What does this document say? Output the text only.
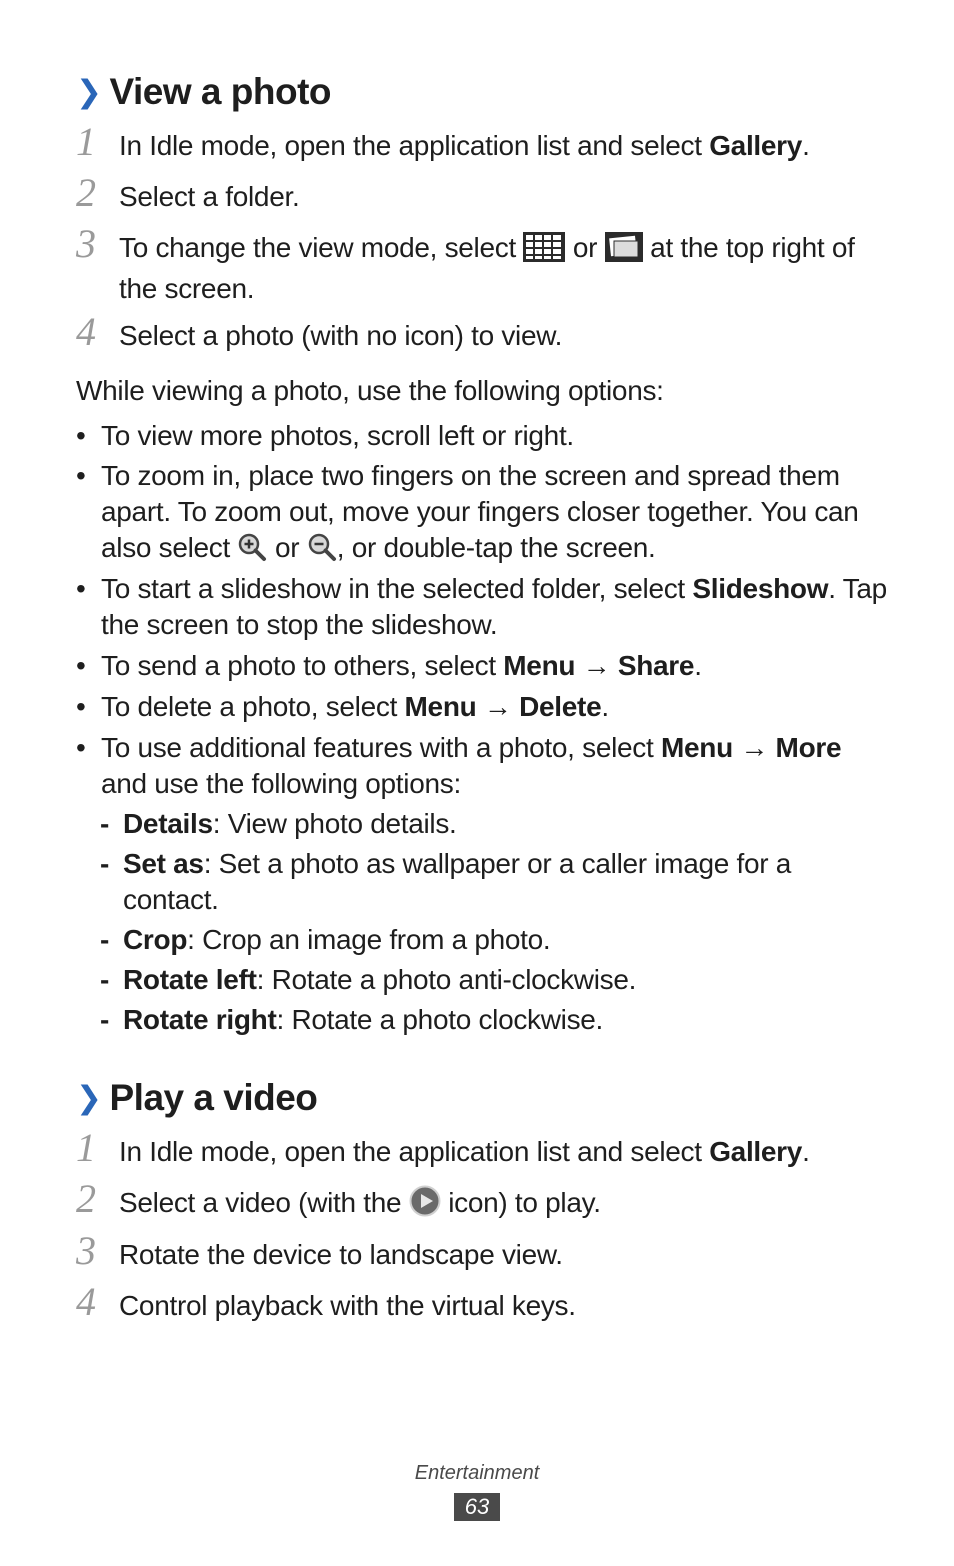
❯ View a photo
1 In Idle mode, open the application list and select Gallery.
2 Select a folder.
3 To change the view mode, select  or  at the top right of the screen.
4 Select a photo (with no icon) to view.
While viewing a photo, use the following options:
• To view more photos, scroll left or right.
• To zoom in, place two fingers on the screen and spread them apart. To zoom out, move your fingers closer together. You can also select  or , or double-tap the screen.
• To start a slideshow in the selected folder, select Slideshow. Tap the screen to stop the slideshow.
• To send a photo to others, select Menu → Share.
• To delete a photo, select Menu → Delete.
• To use additional features with a photo, select Menu → More and use the following options:
- Details: View photo details.
- Set as: Set a photo as wallpaper or a caller image for a contact.
- Crop: Crop an image from a photo.
- Rotate left: Rotate a photo anti-clockwise.
- Rotate right: Rotate a photo clockwise.
❯ Play a video
1 In Idle mode, open the application list and select Gallery.
2 Select a video (with the  icon) to play.
3 Rotate the device to landscape view.
4 Control playback with the virtual keys.
Entertainment
63
